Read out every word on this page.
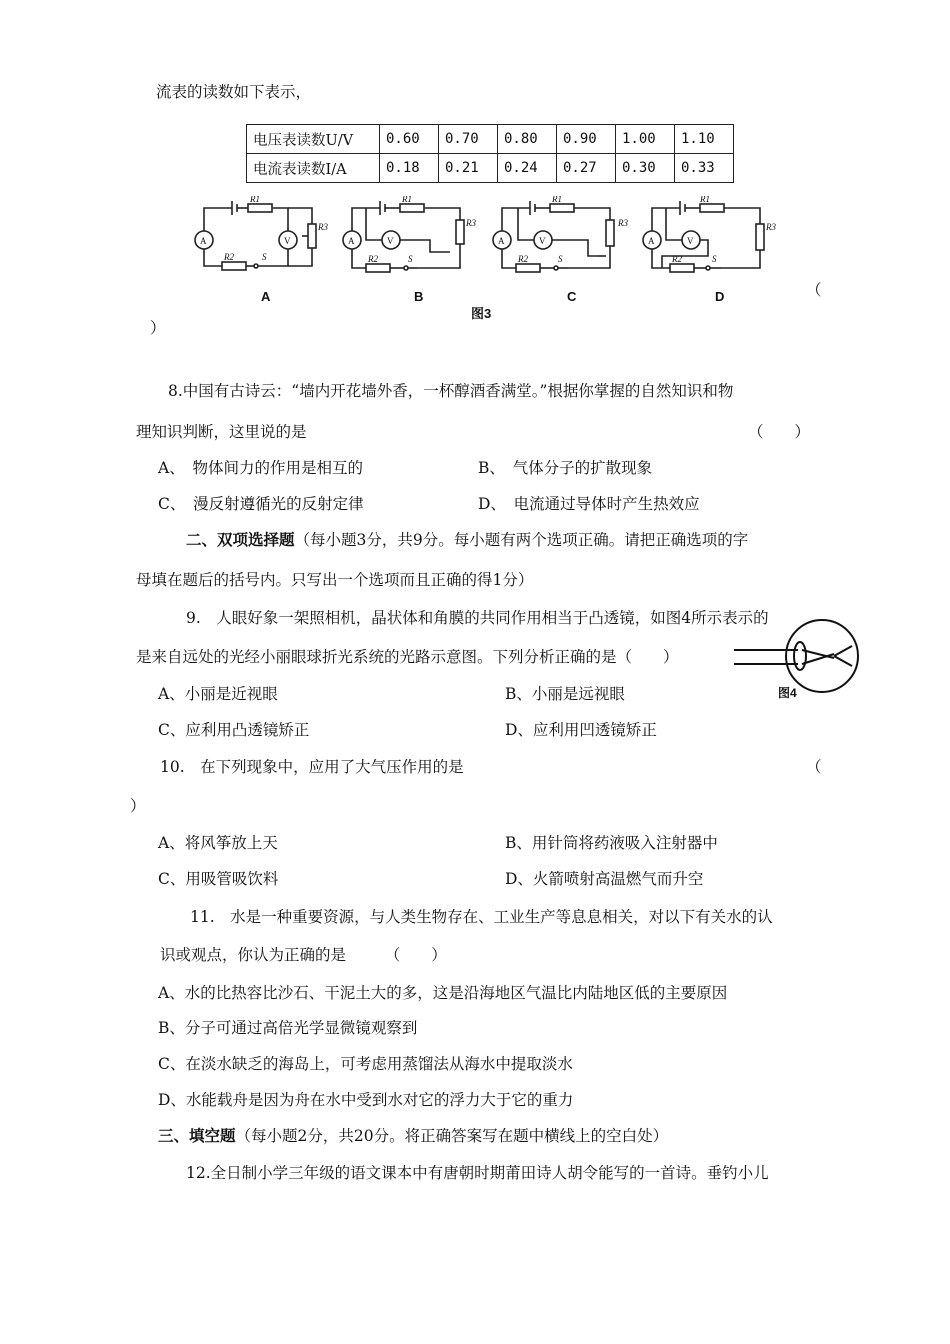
流表的读数如下表示，
电压表读数U/V	0.60	0.70	0.80	0.90	1.00	1.10
电流表读数I/A	0.18	0.21	0.24	0.27	0.30	0.33
A	V
R1
R3
R2	S
A	V
R1
R3
R2	S
A	V
R1
R3
R2	S
A	V
R1
R3
R2	S
A	B	C	D
图3
（
）
8.中国有古诗云：“墙内开花墙外香，一杯醇酒香满堂。”根据你掌握的自然知识和物
理知识判断，这里说的是	（　　）
A、　物体间力的作用是相互的	B、　气体分子的扩散现象
C、　漫反射遵循光的反射定律	D、　电流通过导体时产生热效应
二、双项选择题（每小题3分，共9分。每小题有两个选项正确。请把正确选项的字
母填在题后的括号内。只写出一个选项而且正确的得1分）
9.　人眼好象一架照相机，晶状体和角膜的共同作用相当于凸透镜，如图4所示表示的
是来自远处的光经小丽眼球折光系统的光路示意图。下列分析正确的是（　　）
A、小丽是近视眼	B、小丽是远视眼
C、应利用凸透镜矫正	D、应利用凹透镜矫正
图4
10.　在下列现象中，应用了大气压作用的是	（
）
A、将风筝放上天	B、用针筒将药液吸入注射器中
C、用吸管吸饮料	D、火箭喷射高温燃气而升空
11.　水是一种重要资源，与人类生物存在、工业生产等息息相关，对以下有关水的认
识或观点，你认为正确的是　　　（　　）
A、水的比热容比沙石、干泥土大的多，这是沿海地区气温比内陆地区低的主要原因
B、分子可通过高倍光学显微镜观察到
C、在淡水缺乏的海岛上，可考虑用蒸馏法从海水中提取淡水
D、水能载舟是因为舟在水中受到水对它的浮力大于它的重力
三、填空题（每小题2分，共20分。将正确答案写在题中横线上的空白处）
12.全日制小学三年级的语文课本中有唐朝时期莆田诗人胡令能写的一首诗。垂钓小儿
